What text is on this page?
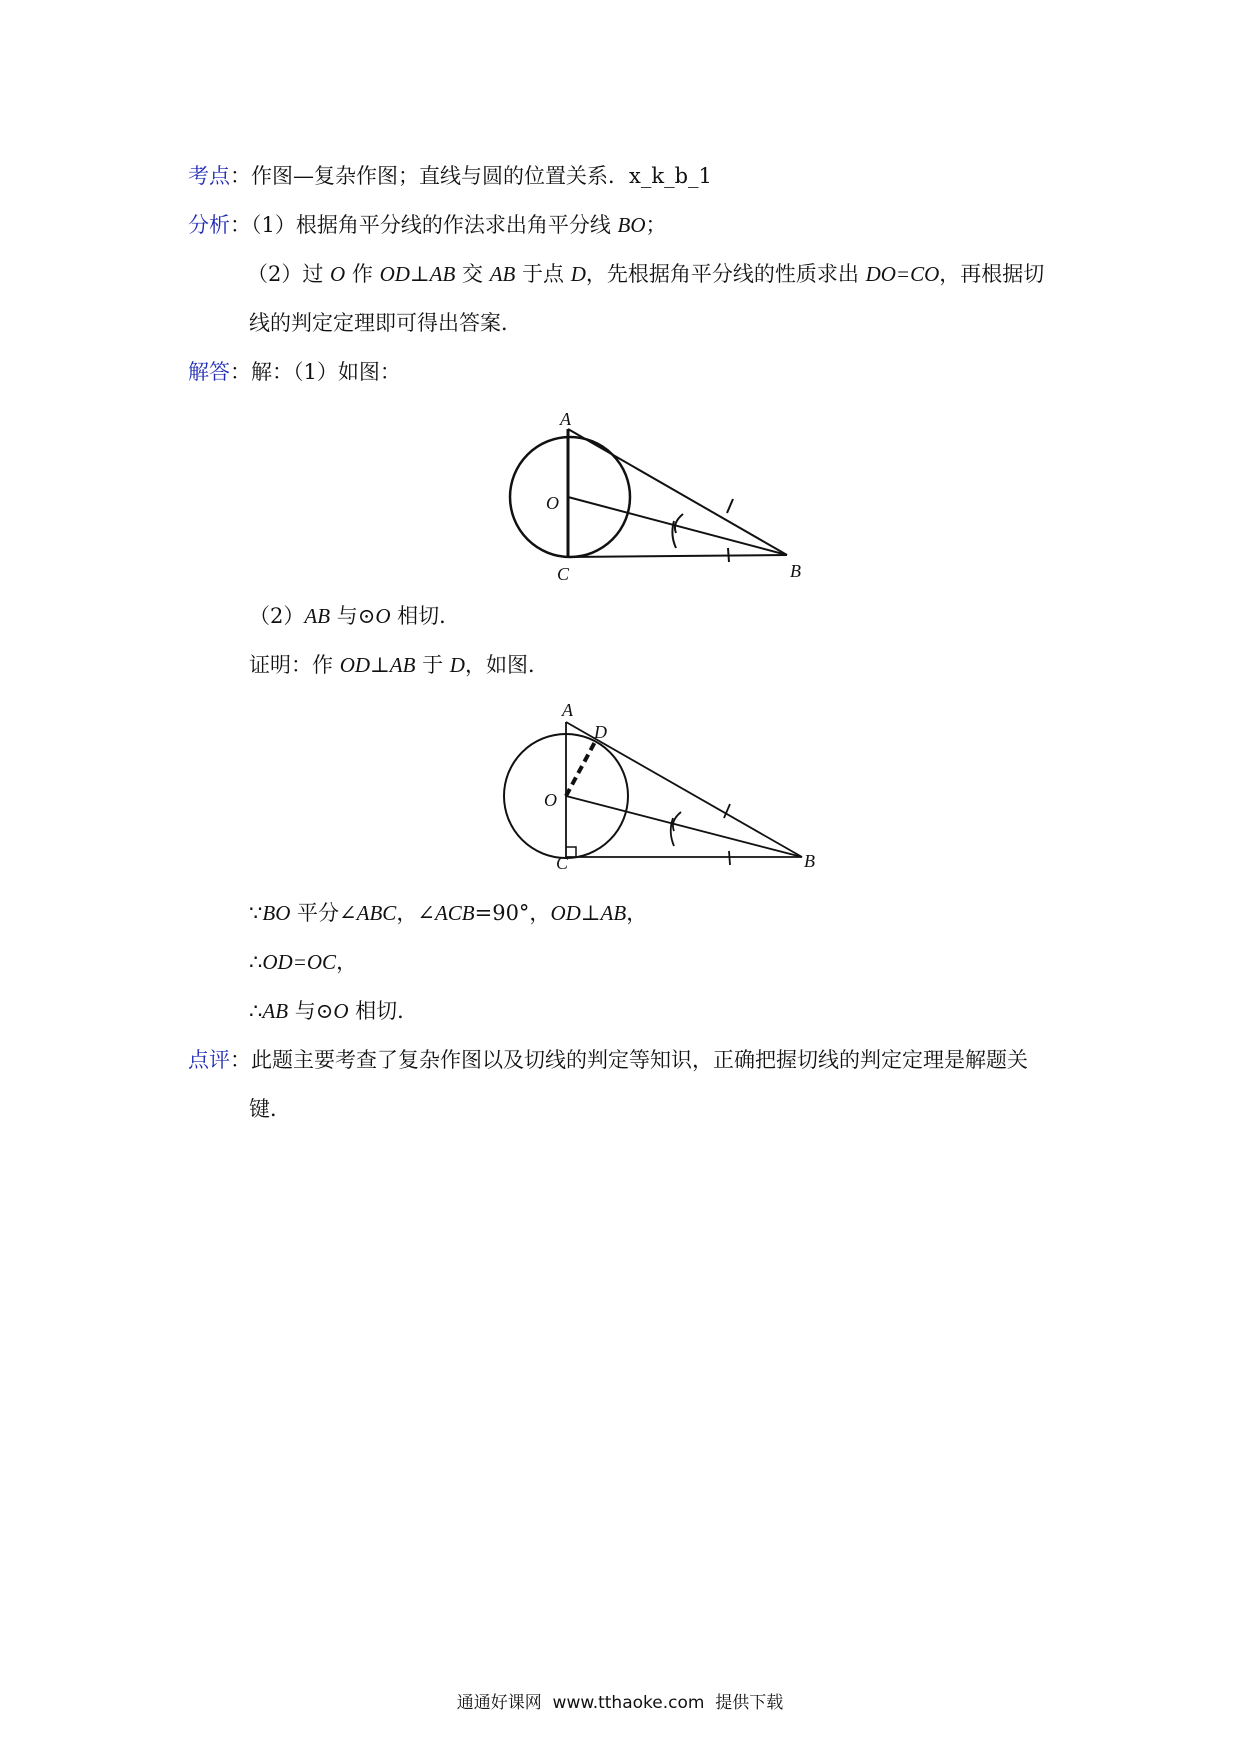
考点：作图—复杂作图；直线与圆的位置关系．x_k_b_1
分析：（1）根据角平分线的作法求出角平分线 BO；
（2）过 O 作 OD⊥AB 交 AB 于点 D，先根据角平分线的性质求出 DO=CO，再根据切
线的判定定理即可得出答案．
解答：解：（1）如图：
A
O
C	B
（2）AB 与⊙O 相切．
证明：作 OD⊥AB 于 D，如图．
A
D
O
C	B
∵BO 平分∠ABC，∠ACB=90°，OD⊥AB，
∴OD=OC，
∴AB 与⊙O 相切．
点评：此题主要考查了复杂作图以及切线的判定等知识，正确把握切线的判定定理是解题关
键．
通通好课网  www.tthaoke.com  提供下载
